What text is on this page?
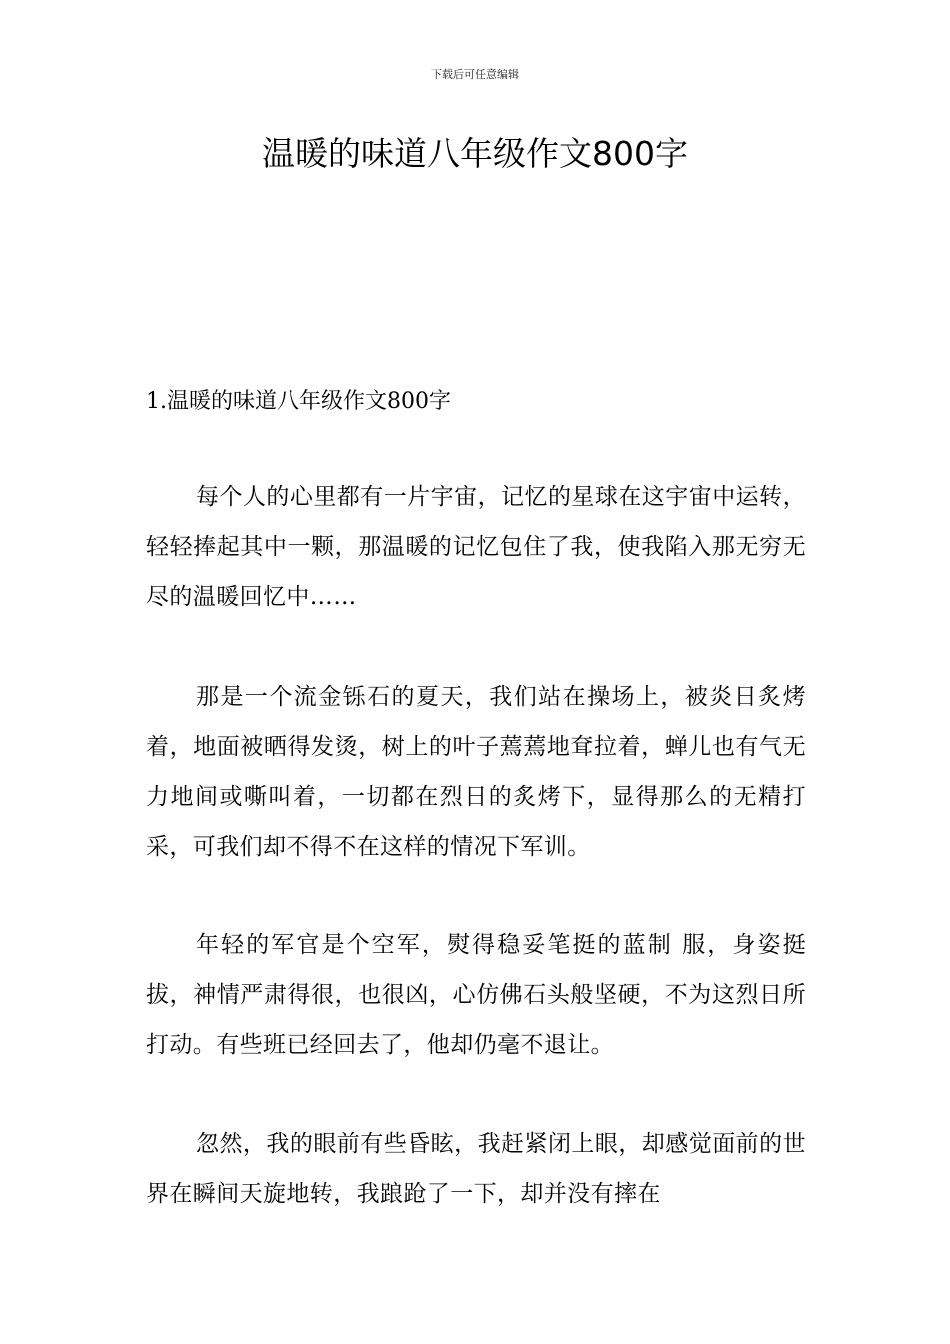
下载后可任意编辑
温暖的味道八年级作文800字
1.温暖的味道八年级作文800字

每个人的心里都有一片宇宙，记忆的星球在这宇宙中运转，轻轻捧起其中一颗，那温暖的记忆包住了我，使我陷入那无穷无尽的温暖回忆中……

那是一个流金铄石的夏天，我们站在操场上，被炎日炙烤着，地面被晒得发烫，树上的叶子蔫蔫地耷拉着，蝉儿也有气无力地间或嘶叫着，一切都在烈日的炙烤下，显得那么的无精打采，可我们却不得不在这样的情况下军训。

年轻的军官是个空军，熨得稳妥笔挺的蓝制 服，身姿挺拔，神情严肃得很，也很凶，心仿佛石头般坚硬，不为这烈日所打动。有些班已经回去了，他却仍毫不退让。

忽然，我的眼前有些昏眩，我赶紧闭上眼，却感觉面前的世界在瞬间天旋地转，我踉跄了一下，却并没有摔在
